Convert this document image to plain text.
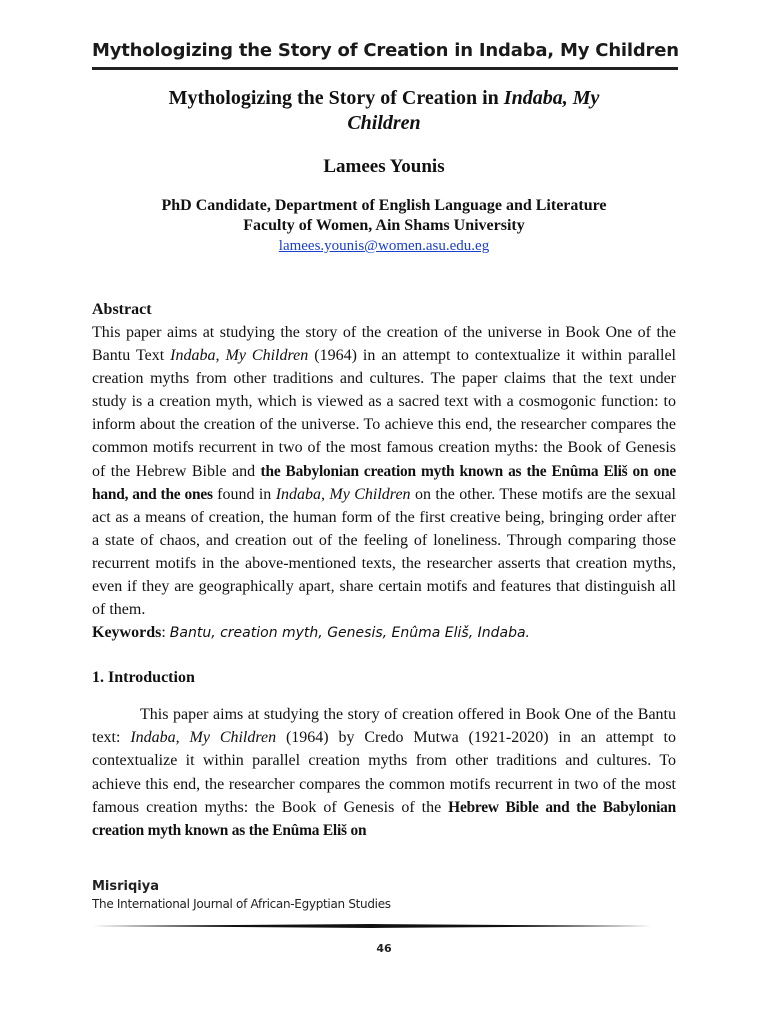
Mythologizing the Story of Creation in Indaba, My Children
Mythologizing the Story of Creation in Indaba, My Children
Lamees Younis
PhD Candidate, Department of English Language and Literature
Faculty of Women, Ain Shams University
lamees.younis@women.asu.edu.eg
Abstract

This paper aims at studying the story of the creation of the universe in Book One of the Bantu Text Indaba, My Children (1964) in an attempt to contextualize it within parallel creation myths from other traditions and cultures. The paper claims that the text under study is a creation myth, which is viewed as a sacred text with a cosmogonic function: to inform about the creation of the universe. To achieve this end, the researcher compares the common motifs recurrent in two of the most famous creation myths: the Book of Genesis of the Hebrew Bible and the Babylonian creation myth known as the Enûma Eliš on one hand, and the ones found in Indaba, My Children on the other. These motifs are the sexual act as a means of creation, the human form of the first creative being, bringing order after a state of chaos, and creation out of the feeling of loneliness. Through comparing those recurrent motifs in the above-mentioned texts, the researcher asserts that creation myths, even if they are geographically apart, share certain motifs and features that distinguish all of them.

Keywords: Bantu, creation myth, Genesis, Enûma Eliš, Indaba.

1. Introduction

This paper aims at studying the story of creation offered in Book One of the Bantu text: Indaba, My Children (1964) by Credo Mutwa (1921-2020) in an attempt to contextualize it within parallel creation myths from other traditions and cultures. To achieve this end, the researcher compares the common motifs recurrent in two of the most famous creation myths: the Book of Genesis of the Hebrew Bible and the Babylonian creation myth known as the Enûma Eliš on

Misriqiya
The International Journal of African-Egyptian Studies
46
